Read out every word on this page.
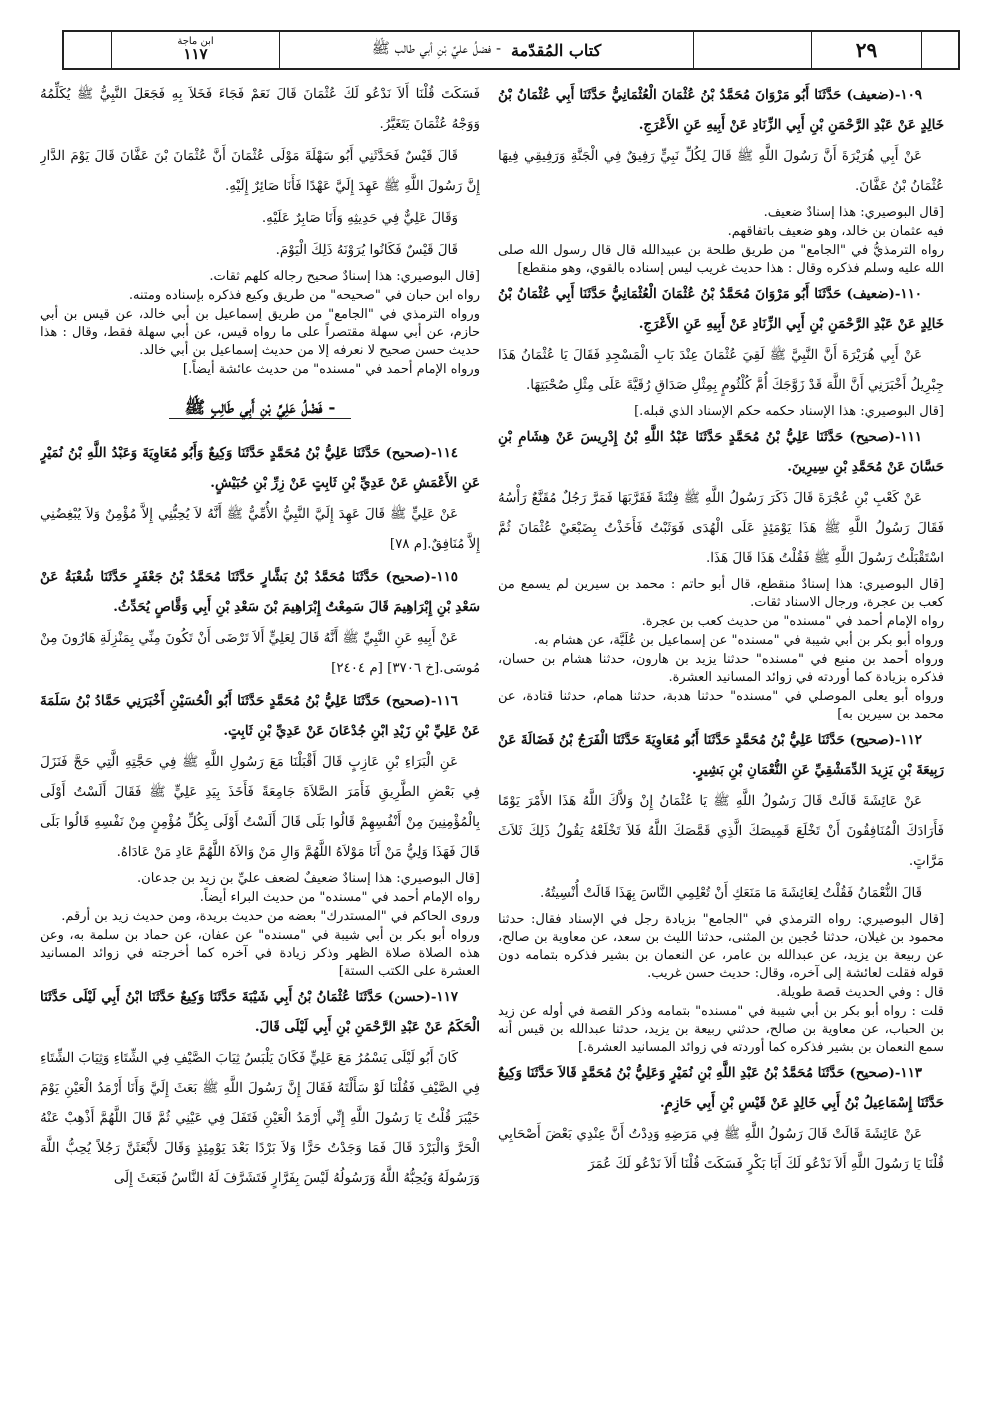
ابن ماجة
١١٧	كتاب المُقدّمة
- فضلُ عليِّ بْنِ أبي طالب ﷺ	٢٩
١٠٩-(ضعيف) حَدَّثَنَا أَبُو مَرْوَانَ مُحَمَّدُ بْنُ عُثْمَانَ الْعُثْمَانِيُّ حَدَّثَنَا أَبِي عُثْمَانُ بْنُ خَالِدٍ عَنْ عَبْدِ الرَّحْمَنِ بْنِ أَبِي الزِّنَادِ عَنْ أَبِيهِ عَنِ الأَعْرَجِ.
عَنْ أَبِي هُرَيْرَةَ أَنَّ رَسُولَ اللَّهِ ﷺ قَالَ لِكُلِّ نَبِيٍّ رَفِيقٌ فِي الْجَنَّةِ وَرَفِيقِي فِيهَا عُثْمَانُ بْنُ عَفَّانَ.
[قال البوصيري: هذا إسنادٌ ضعيف.
فيه عثمان بن خالد، وهو ضعيف باتفاقهم.
رواه الترمذيُّ في "الجامع" من طريق طلحة بن عبيدالله قال قال رسول الله صلى الله عليه وسلم فذكره وقال : هذا حديث غريب ليس إسناده بالقوي، وهو منقطع]
١١٠-(ضعيف) حَدَّثَنَا أَبُو مَرْوَانَ مُحَمَّدُ بْنُ عُثْمَانَ الْعُثْمَانِيُّ حَدَّثَنَا أَبِي عُثْمَانُ بْنُ خَالِدٍ عَنْ عَبْدِ الرَّحْمَنِ بْنِ أَبِي الزِّنَادِ عَنْ أَبِيهِ عَنِ الأَعْرَجِ.
عَنْ أَبِي هُرَيْرَةَ أَنَّ النَّبِيَّ ﷺ لَقِيَ عُثْمَانَ عِنْدَ بَابِ الْمَسْجِدِ فَقَالَ يَا عُثْمَانُ هَذَا جِبْرِيلُ أَخْبَرَنِي أَنَّ اللَّهَ قَدْ زَوَّجَكَ أُمَّ كُلْثُومٍ بِمِثْلِ صَدَاقِ رُقَيَّةَ عَلَى مِثْلِ صُحْبَتِهَا.
[قال البوصيري: هذا الإسناد حكمه حكم الإسناد الذي قبله.]
١١١-(صحيح) حَدَّثَنَا عَلِيُّ بْنُ مُحَمَّدٍ حَدَّثَنَا عَبْدُ اللَّهِ بْنُ إِدْرِيسَ عَنْ هِشَامِ بْنِ حَسَّانَ عَنْ مُحَمَّدِ بْنِ سِيرِينَ.
عَنْ كَعْبِ بْنِ عُجْرَةَ قَالَ ذَكَرَ رَسُولُ اللَّهِ ﷺ فِتْنَةً فَقَرَّبَهَا فَمَرَّ رَجُلٌ مُقَنَّعٌ رَأْسُهُ فَقَالَ رَسُولُ اللَّهِ ﷺ هَذَا يَوْمَئِذٍ عَلَى الْهُدَى فَوَثَبْتُ فَأَخَذْتُ بِضَبْعَيْ عُثْمَانَ ثُمَّ اسْتَقْبَلْتُ رَسُولَ اللَّهِ ﷺ فَقُلْتُ هَذَا قَالَ هَذَا.
[قال البوصيري: هذا إسنادٌ منقطع، قال أبو حاتم : محمد بن سيرين لم يسمع من كعب بن عجرة، ورجال الاسناد ثقات.
رواه الإمام أحمد في "مسنده" من حديث كعب بن عجرة.
ورواه أبو بكر بن أبي شيبة في "مسنده" عن إسماعيل بن عُلَيَّة، عن هشام به.
ورواه أحمد بن منيع في "مسنده" حدثنا يزيد بن هارون، حدثنا هشام بن حسان، فذكره بزيادة كما أوردته في زوائد المسانيد العشرة.
ورواه أبو يعلى الموصلي في "مسنده" حدثنا هدبة، حدثنا همام، حدثنا قتادة، عن محمد بن سيرين به]
١١٢-(صحيح) حَدَّثَنَا عَلِيُّ بْنُ مُحَمَّدٍ حَدَّثَنَا أَبُو مُعَاوِيَةَ حَدَّثَنَا الْفَرَجُ بْنُ فَضَالَةَ عَنْ رَبِيعَةَ بْنِ يَزِيدَ الدِّمَشْقِيِّ عَنِ النُّعْمَانِ بْنِ بَشِيرٍ.
عَنْ عَائِشَةَ قَالَتْ قَالَ رَسُولُ اللَّهِ ﷺ يَا عُثْمَانُ إِنْ وَلاَّكَ اللَّهُ هَذَا الأَمْرَ يَوْمًا فَأَرَادَكَ الْمُنَافِقُونَ أَنْ تَخْلَعَ قَمِيصَكَ الَّذِي قَمَّصَكَ اللَّهُ فَلاَ تَخْلَعْهُ يَقُولُ ذَلِكَ ثَلاَثَ مَرَّاتٍ.
قَالَ النُّعْمَانُ فَقُلْتُ لِعَائِشَةَ مَا مَنَعَكِ أَنْ تُعْلِمِي النَّاسَ بِهَذَا قَالَتْ أُنْسِيتُهُ.
[قال البوصيري: رواه الترمذي في "الجامع" بزيادة رجل في الإسناد فقال: حدثنا محمود بن غيلان، حدثنا حُجين بن المثنى، حدثنا الليث بن سعد، عن معاوية بن صالح، عن ربيعة بن يزيد، عن عبدالله بن عامر، عن النعمان بن بشير فذكره بتمامه دون قوله فقلت لعائشة إلى آخره، وقال: حديث حسن غريب.
قال : وفي الحديث قصة طويلة.
قلت : رواه أبو بكر بن أبي شيبة في "مسنده" بتمامه وذكر القصة في أوله عن زيد بن الحباب، عن معاوية بن صالح، حدثني ربيعة بن يزيد، حدثنا عبدالله بن قيس أنه سمع النعمان بن بشير فذكره كما أوردته في زوائد المسانيد العشرة.]
١١٣-(صحيح) حَدَّثَنَا مُحَمَّدُ بْنُ عَبْدِ اللَّهِ بْنِ نُمَيْرٍ وَعَلِيُّ بْنُ مُحَمَّدٍ قَالاَ حَدَّثَنَا وَكِيعٌ حَدَّثَنَا إِسْمَاعِيلُ بْنُ أَبِي خَالِدٍ عَنْ قَيْسِ بْنِ أَبِي حَازِمٍ.
عَنْ عَائِشَةَ قَالَتْ قَالَ رَسُولُ اللَّهِ ﷺ فِي مَرَضِهِ وَدِدْتُ أَنَّ عِنْدِي بَعْضَ أَصْحَابِي قُلْنَا يَا رَسُولَ اللَّهِ أَلاَ نَدْعُو لَكَ أَبَا بَكْرٍ فَسَكَتَ قُلْنَا أَلاَ نَدْعُو لَكَ عُمَرَ
فَسَكَتَ قُلْنَا أَلاَ نَدْعُو لَكَ عُثْمَانَ قَالَ نَعَمْ فَجَاءَ فَخَلاَ بِهِ فَجَعَلَ النَّبِيُّ ﷺ يُكَلِّمُهُ وَوَجْهُ عُثْمَانَ يَتَغَيَّرُ.
قَالَ قَيْسٌ فَحَدَّثَنِي أَبُو سَهْلَةَ مَوْلَى عُثْمَانَ أَنَّ عُثْمَانَ بْنَ عَفَّانَ قَالَ يَوْمَ الدَّارِ إِنَّ رَسُولَ اللَّهِ ﷺ عَهِدَ إِلَيَّ عَهْدًا فَأَنَا صَائِرٌ إِلَيْهِ.
وَقَالَ عَلِيٌّ فِي حَدِيثِهِ وَأَنَا صَابِرٌ عَلَيْهِ.
قَالَ قَيْسٌ فَكَانُوا يُرَوْنَهُ ذَلِكَ الْيَوْمَ.
[قال البوصيري: هذا إسنادٌ صحيح رجاله كلهم ثقات.
رواه ابن حبان في "صحيحه" من طريق وكيع فذكره بإسناده ومتنه.
ورواه الترمذي في "الجامع" من طريق إسماعيل بن أبي خالد، عن قيس بن أبي حازم، عن أبي سهلة مقتصراً على ما رواه قيس، عن أبي سهلة فقط، وقال : هذا حديث حسن صحيح لا نعرفه إلا من حديث إسماعيل بن أبي خالد.
ورواه الإمام أحمد في "مسنده" من حديث عائشة أيضاً.]
- فَضْلُ عَلِيِّ بْنِ أَبِي طَالِبٍ ﷺ
١١٤-(صحيح) حَدَّثَنَا عَلِيُّ بْنُ مُحَمَّدٍ حَدَّثَنَا وَكِيعٌ وَأَبُو مُعَاوِيَةَ وَعَبْدُ اللَّهِ بْنُ نُمَيْرٍ عَنِ الأَعْمَشِ عَنْ عَدِيِّ بْنِ ثَابِتٍ عَنْ زِرِّ بْنِ حُبَيْشٍ.
عَنْ عَلِيٍّ ﷺ قَالَ عَهِدَ إِلَيَّ النَّبِيُّ الأُمِّيُّ ﷺ أَنَّهُ لاَ يُحِبُّنِي إِلاَّ مُؤْمِنٌ وَلاَ يُبْغِضُنِي إِلاَّ مُنَافِقٌ.[م ٧٨]
١١٥-(صحيح) حَدَّثَنَا مُحَمَّدُ بْنُ بَشَّارٍ حَدَّثَنَا مُحَمَّدُ بْنُ جَعْفَرٍ حَدَّثَنَا شُعْبَةُ عَنْ سَعْدِ بْنِ إِبْرَاهِيمَ قَالَ سَمِعْتُ إِبْرَاهِيمَ بْنَ سَعْدِ بْنِ أَبِي وَقَّاصٍ يُحَدِّثُ.
عَنْ أَبِيهِ عَنِ النَّبِيِّ ﷺ أَنَّهُ قَالَ لِعَلِيٍّ أَلاَ تَرْضَى أَنْ تَكُونَ مِنِّي بِمَنْزِلَةِ هَارُونَ مِنْ مُوسَى.[خ ٣٧٠٦] [م ٢٤٠٤]
١١٦-(صحيح) حَدَّثَنَا عَلِيُّ بْنُ مُحَمَّدٍ حَدَّثَنَا أَبُو الْحُسَيْنِ أَخْبَرَنِي حَمَّادُ بْنُ سَلَمَةَ عَنْ عَلِيِّ بْنِ زَيْدِ ابْنِ جُدْعَانَ عَنْ عَدِيِّ بْنِ ثَابِتٍ.
عَنِ الْبَرَاءِ بْنِ عَازِبٍ قَالَ أَقْبَلْنَا مَعَ رَسُولِ اللَّهِ ﷺ فِي حَجَّتِهِ الَّتِي حَجَّ فَنَزَلَ فِي بَعْضِ الطَّرِيقِ فَأَمَرَ الصَّلاَةَ جَامِعَةً فَأَخَذَ بِيَدِ عَلِيٍّ ﷺ فَقَالَ أَلَسْتُ أَوْلَى بِالْمُؤْمِنِينَ مِنْ أَنْفُسِهِمْ قَالُوا بَلَى قَالَ أَلَسْتُ أَوْلَى بِكُلِّ مُؤْمِنٍ مِنْ نَفْسِهِ قَالُوا بَلَى قَالَ فَهَذَا وَلِيُّ مَنْ أَنَا مَوْلاَهُ اللَّهُمَّ وَالِ مَنْ وَالاَهُ اللَّهُمَّ عَادِ مَنْ عَادَاهُ.
[قال البوصيري: هذا إسنادٌ ضعيفٌ لضعف عليِّ بن زيد بن جدعان.
رواه الإمام أحمد في "مسنده" من حديث البراء أيضاً.
وروى الحاكم في "المستدرك" بعضه من حديث بريدة، ومن حديث زيد بن أرقم.
ورواه أبو بكر بن أبي شيبة في "مسنده" عن عفان، عن حماد بن سلمة به، وعن هذه الصلاة صلاة الظهر وذكر زيادة في آخره كما أخرجته في زوائد المسانيد العشرة على الكتب الستة]
١١٧-(حسن) حَدَّثَنَا عُثْمَانُ بْنُ أَبِي شَيْبَةَ حَدَّثَنَا وَكِيعٌ حَدَّثَنَا ابْنُ أَبِي لَيْلَى حَدَّثَنَا الْحَكَمُ عَنْ عَبْدِ الرَّحْمَنِ بْنِ أَبِي لَيْلَى قَالَ.
كَانَ أَبُو لَيْلَى يَسْمُرُ مَعَ عَلِيٍّ فَكَانَ يَلْبَسُ ثِيَابَ الصَّيْفِ فِي الشِّتَاءِ وَثِيَابَ الشِّتَاءِ فِي الصَّيْفِ فَقُلْنَا لَوْ سَأَلْتَهُ فَقَالَ إِنَّ رَسُولَ اللَّهِ ﷺ بَعَثَ إِلَيَّ وَأَنَا أَرْمَدُ الْعَيْنِ يَوْمَ خَيْبَرَ قُلْتُ يَا رَسُولَ اللَّهِ إِنِّي أَرْمَدُ الْعَيْنِ فَتَفَلَ فِي عَيْنِي ثُمَّ قَالَ اللَّهُمَّ أَذْهِبْ عَنْهُ الْحَرَّ وَالْبَرْدَ قَالَ فَمَا وَجَدْتُ حَرًّا وَلاَ بَرْدًا بَعْدَ يَوْمِئِذٍ وَقَالَ لأَبْعَثَنَّ رَجُلاً يُحِبُّ اللَّهَ وَرَسُولَهُ وَيُحِبُّهُ اللَّهُ وَرَسُولُهُ لَيْسَ بِفَرَّارٍ فَتَشَرَّفَ لَهُ النَّاسُ فَبَعَثَ إِلَى
